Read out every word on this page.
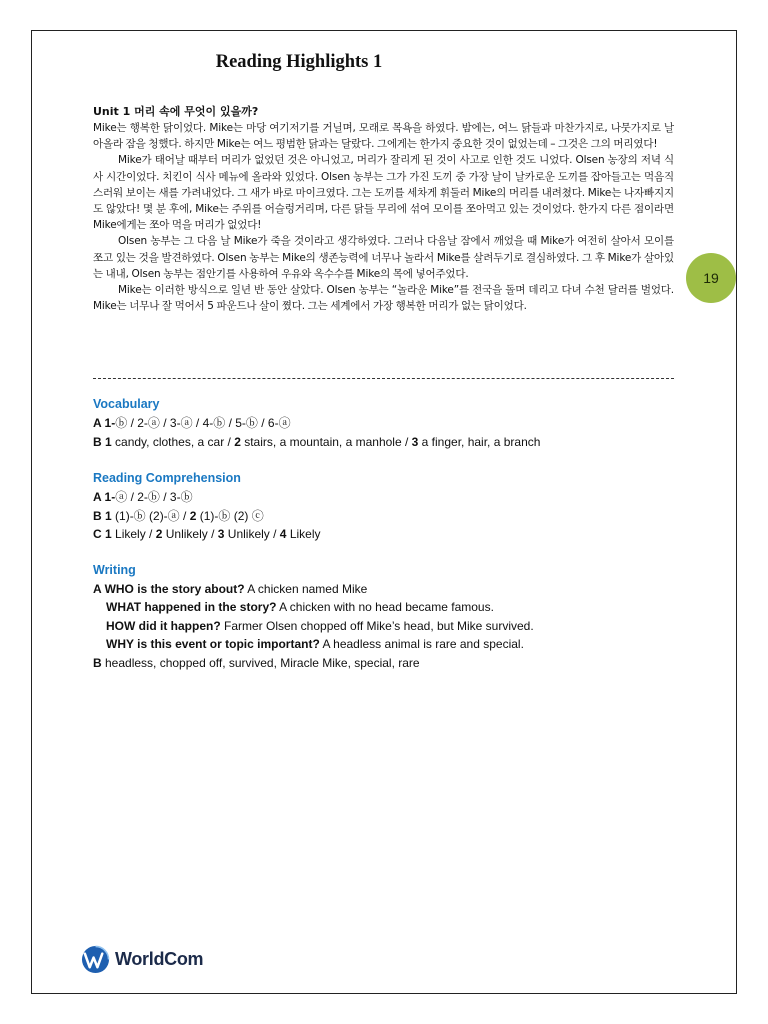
19
Reading Highlights 1
Unit 1 머리 속에 무엇이 있을까?

Mike는 행복한 닭이었다. Mike는 마당 여기저기를 거닐며, 모래로 목욕을 하였다. 밤에는, 여느 닭들과 마찬가지로, 나뭇가지로 날아올라 잠을 청했다. 하지만 Mike는 여느 평범한 닭과는 달랐다. 그에게는 한가지 중요한 것이 없었는데 – 그것은 그의 머리였다!

Mike가 태어날 때부터 머리가 없었던 것은 아니었고, 머리가 잘리게 된 것이 사고로 인한 것도 니었다. Olsen 농장의 저녁 식사 시간이었다. 치킨이 식사 메뉴에 올라와 있었다. Olsen 농부는 그가 가진 도끼 중 가장 날이 날카로운 도끼를 잡아들고는 먹음직스러워 보이는 새를 가려내었다. 그 새가 바로 마이크였다. 그는 도끼를 세차게 휘둘러 Mike의 머리를 내려쳤다. Mike는 나자빠지지도 않았다! 몇 분 후에, Mike는 주위를 어슬렁거리며, 다른 닭들 무리에 섞여 모이를 쪼아먹고 있는 것이었다. 한가지 다른 점이라면 Mike에게는 쪼아 먹을 머리가 없었다!

Olsen 농부는 그 다음 날 Mike가 죽을 것이라고 생각하였다. 그러나 다음날 잠에서 깨었을 때 Mike가 여전히 살아서 모이를 쪼고 있는 것을 발견하였다. Olsen 농부는 Mike의 생존능력에 너무나 놀라서 Mike를 살려두기로 결심하였다. 그 후 Mike가 살아있는 내내, Olsen 농부는 점안기를 사용하여 우유와 옥수수를 Mike의 목에 넣어주었다.

Mike는 이러한 방식으로 일년 반 동안 살았다. Olsen 농부는 “놀라운 Mike”를 전국을 돌며 데리고 다녀 수천 달러를 벌었다. Mike는 너무나 잘 먹어서 5 파운드나 살이 쪘다. 그는 세계에서 가장 행복한 머리가 없는 닭이었다.

Vocabulary
A 1-ⓑ / 2-ⓐ / 3-ⓐ / 4-ⓑ / 5-ⓑ / 6-ⓐ
B 1 candy, clothes, a car / 2 stairs, a mountain, a manhole / 3 a finger, hair, a branch
Reading Comprehension
A 1-ⓐ / 2-ⓑ / 3-ⓑ
B 1 (1)-ⓑ (2)-ⓐ / 2 (1)-ⓑ (2) ⓒ
C 1 Likely / 2 Unlikely / 3 Unlikely / 4 Likely
Writing
A WHO is the story about? A chicken named Mike
WHAT happened in the story? A chicken with no head became famous.
HOW did it happen? Farmer Olsen chopped off Mike’s head, but Mike survived.
WHY is this event or topic important? A headless animal is rare and special.
B headless, chopped off, survived, Miracle Mike, special, rare
WorldCom
